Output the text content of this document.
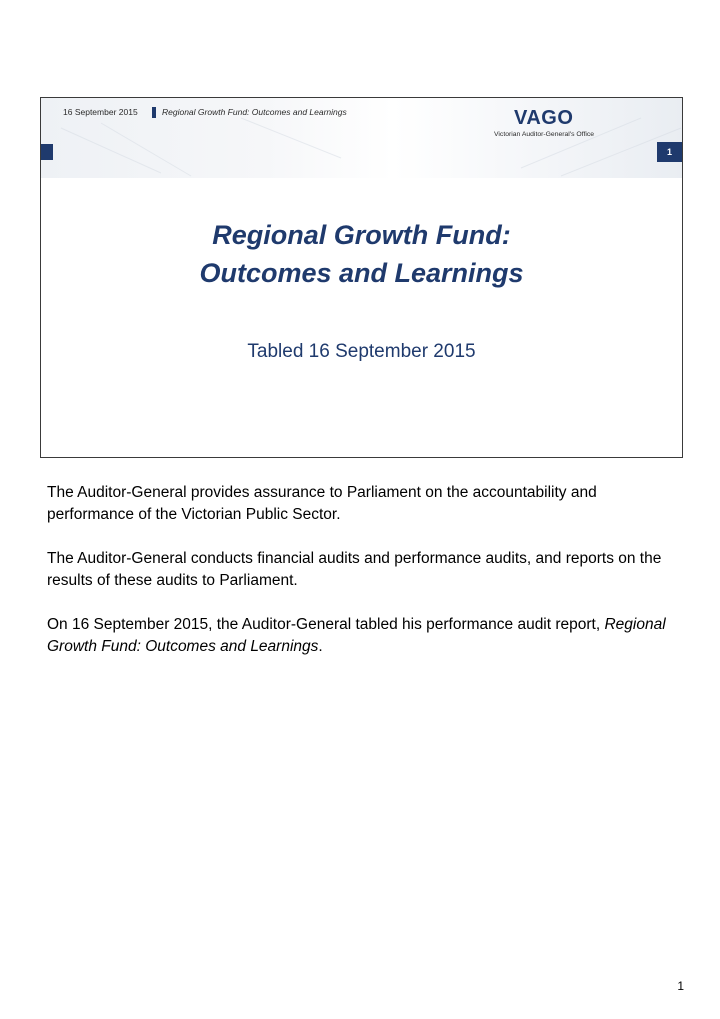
16 September 2015	Regional Growth Fund: Outcomes and Learnings	VAGO
Victorian Auditor-General's Office
1
Regional Growth Fund:
Outcomes and Learnings
Tabled 16 September 2015

The Auditor-General provides assurance to Parliament on the accountability and performance of the Victorian Public Sector.

The Auditor-General conducts financial audits and performance audits, and reports on the results of these audits to Parliament.

On 16 September 2015, the Auditor-General tabled his performance audit report, Regional Growth Fund: Outcomes and Learnings.

1
